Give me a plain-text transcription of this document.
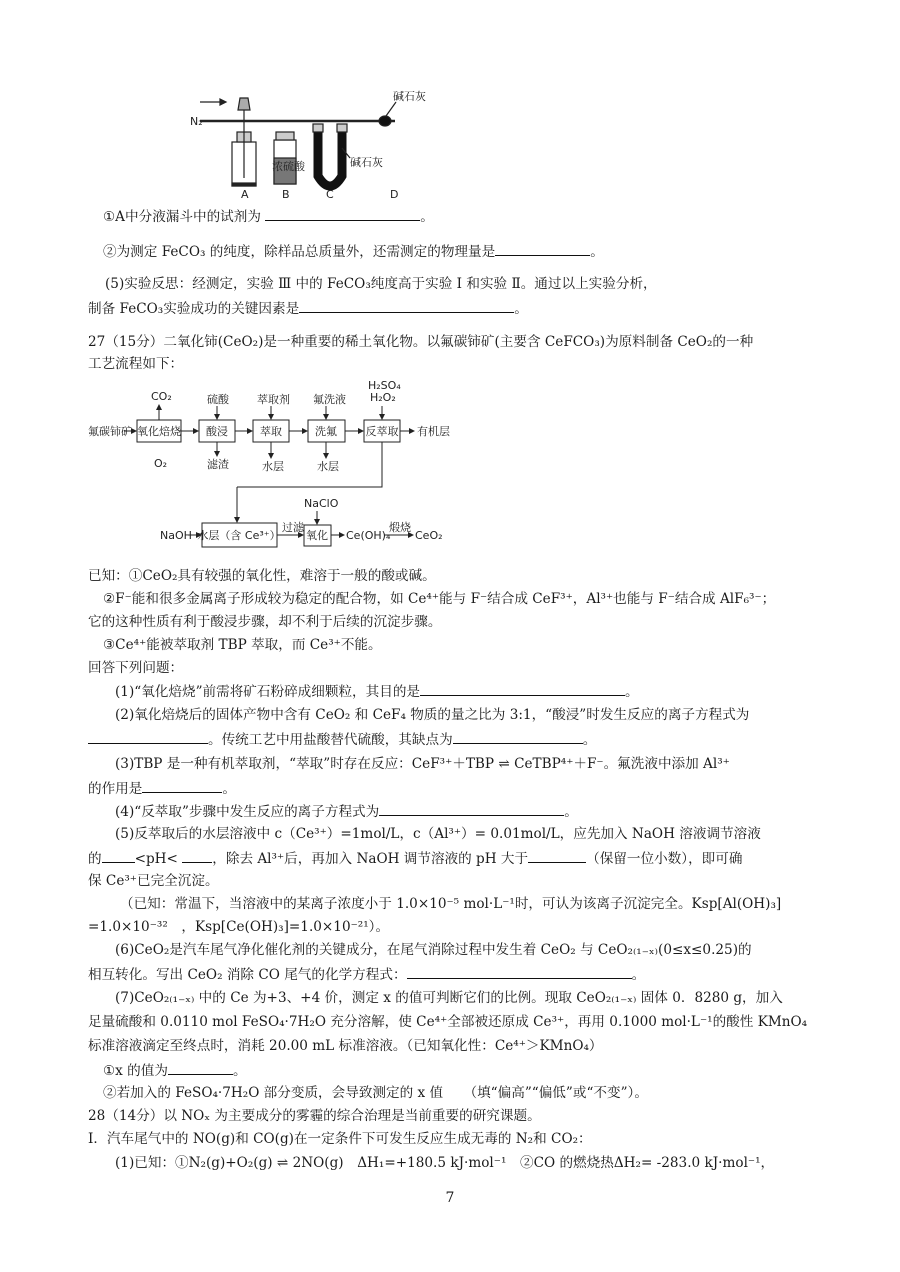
N₂
碱石灰
碱石灰
浓硫酸
A	B	C	D
氟碳铈矿
CO₂
O₂
氧化焙烧
硫酸
酸浸
滤渣
萃取剂
萃取
水层
氟洗液
洗氟
水层
H₂SO₄
H₂O₂
反萃取 有机层
NaOH 水层（含 Ce³⁺）
过滤
NaClO
氧化 Ce(OH)₄
煅烧
CeO₂
①A中分液漏斗中的试剂为	。
②为测定 FeCO₃ 的纯度，除样品总质量外，还需测定的物理量是	。
(5)实验反思：经测定，实验 Ⅲ 中的 FeCO₃纯度高于实验 Ⅰ 和实验 Ⅱ。通过以上实验分析，
制备 FeCO₃实验成功的关键因素是	。
27（15分）二氧化铈(CeO₂)是一种重要的稀土氧化物。以氟碳铈矿(主要含 CeFCO₃)为原料制备 CeO₂的一种
工艺流程如下：
已知：①CeO₂具有较强的氧化性，难溶于一般的酸或碱。
②F⁻能和很多金属离子形成较为稳定的配合物，如 Ce⁴⁺能与 F⁻结合成 CeF³⁺，Al³⁺也能与 F⁻结合成 AlF₆³⁻；
它的这种性质有利于酸浸步骤，却不利于后续的沉淀步骤。
③Ce⁴⁺能被萃取剂 TBP 萃取，而 Ce³⁺不能。
回答下列问题：
(1)“氧化焙烧”前需将矿石粉碎成细颗粒，其目的是	。
(2)氧化焙烧后的固体产物中含有 CeO₂ 和 CeF₄ 物质的量之比为 3:1，“酸浸”时发生反应的离子方程式为
。传统工艺中用盐酸替代硫酸，其缺点为	。
(3)TBP 是一种有机萃取剂，“萃取”时存在反应：CeF³⁺＋TBP ⇌ CeTBP⁴⁺＋F⁻。氟洗液中添加 Al³⁺
的作用是	。
(4)“反萃取”步骤中发生反应的离子方程式为	。
(5)反萃取后的水层溶液中 c（Ce³⁺）=1mol/L，c（Al³⁺）= 0.01mol/L，应先加入 NaOH 溶液调节溶液
的 <pH< ，除去 Al³⁺后，再加入 NaOH 调节溶液的 pH 大于	（保留一位小数），即可确
保 Ce³⁺已完全沉淀。
（已知：常温下，当溶液中的某离子浓度小于 1.0×10⁻⁵ mol·L⁻¹时，可认为该离子沉淀完全。Ksp[Al(OH)₃]
=1.0×10⁻³²　，Ksp[Ce(OH)₃]=1.0×10⁻²¹）。
(6)CeO₂是汽车尾气净化催化剂的关键成分，在尾气消除过程中发生着 CeO₂ 与 CeO₂₍₁₋ₓ₎(0≤x≤0.25)的
相互转化。写出 CeO₂ 消除 CO 尾气的化学方程式：	。
(7)CeO₂₍₁₋ₓ₎ 中的 Ce 为+3、+4 价，测定 x 的值可判断它们的比例。现取 CeO₂₍₁₋ₓ₎ 固体 0．8280 g，加入
足量硫酸和 0.0110 mol FeSO₄·7H₂O 充分溶解，使 Ce⁴⁺全部被还原成 Ce³⁺，再用 0.1000 mol·L⁻¹的酸性 KMnO₄
标准溶液滴定至终点时，消耗 20.00 mL 标准溶液。（已知氧化性：Ce⁴⁺＞KMnO₄）
①x 的值为	。
②若加入的 FeSO₄·7H₂O 部分变质，会导致测定的 x 值　　（填“偏高”“偏低”或“不变”）。
28（14分）以 NOₓ 为主要成分的雾霾的综合治理是当前重要的研究课题。
I．汽车尾气中的 NO(g)和 CO(g)在一定条件下可发生反应生成无毒的 N₂和 CO₂：
(1)已知：①N₂(g)+O₂(g) ⇌ 2NO(g)　ΔH₁=+180.5 kJ·mol⁻¹　②CO 的燃烧热ΔH₂= -283.0 kJ·mol⁻¹，
7
